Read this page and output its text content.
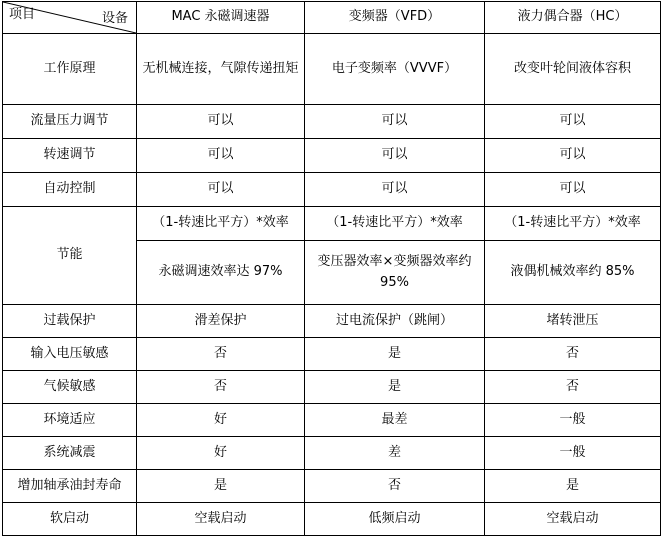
项目 设备	MAC 永磁调速器	变频器（VFD）	液力偶合器（HC）
工作原理	无机械连接，气隙传递扭矩	电子变频率（VVVF）	改变叶轮间液体容积
流量压力调节	可以	可以	可以
转速调节	可以	可以	可以
自动控制	可以	可以	可以
节能	（1-转速比平方）*效率	（1-转速比平方）*效率	（1-转速比平方）*效率
	永磁调速效率达 97%	变压器效率×变频器效率约 95%	液偶机械效率约 85%
过载保护	滑差保护	过电流保护（跳闸）	堵转泄压
输入电压敏感	否	是	否
气候敏感	否	是	否
环境适应	好	最差	一般
系统减震	好	差	一般
增加轴承油封寿命	是	否	是
软启动	空载启动	低频启动	空载启动
